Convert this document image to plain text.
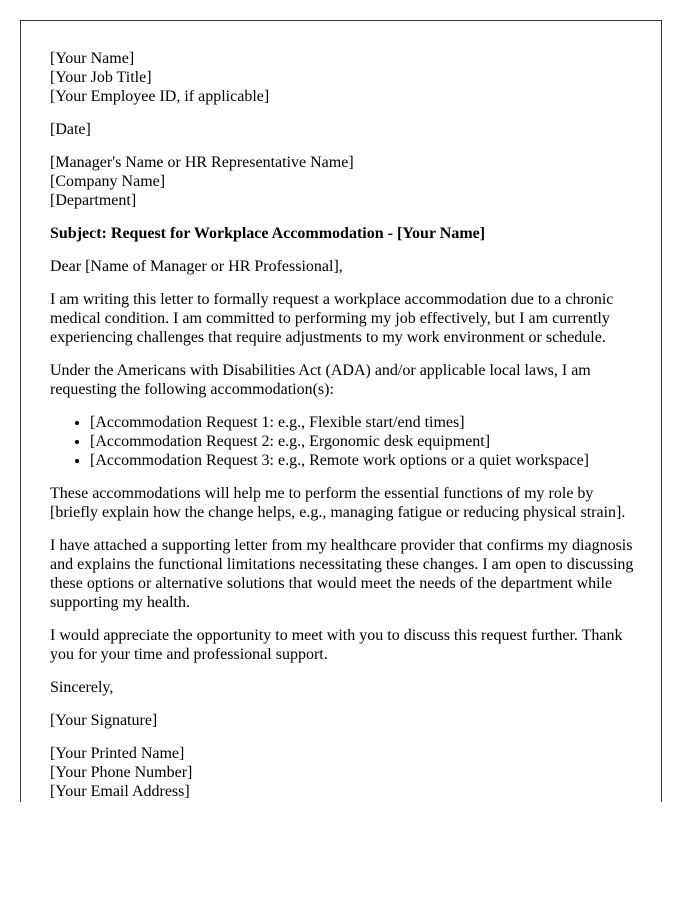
[Your Name]
[Your Job Title]
[Your Employee ID, if applicable]
[Date]
[Manager's Name or HR Representative Name]
[Company Name]
[Department]
Subject: Request for Workplace Accommodation - [Your Name]
Dear [Name of Manager or HR Professional],
I am writing this letter to formally request a workplace accommodation due to a chronic medical condition. I am committed to performing my job effectively, but I am currently experiencing challenges that require adjustments to my work environment or schedule.
Under the Americans with Disabilities Act (ADA) and/or applicable local laws, I am requesting the following accommodation(s):
• [Accommodation Request 1: e.g., Flexible start/end times]
• [Accommodation Request 2: e.g., Ergonomic desk equipment]
• [Accommodation Request 3: e.g., Remote work options or a quiet workspace]
These accommodations will help me to perform the essential functions of my role by [briefly explain how the change helps, e.g., managing fatigue or reducing physical strain].
I have attached a supporting letter from my healthcare provider that confirms my diagnosis and explains the functional limitations necessitating these changes. I am open to discussing these options or alternative solutions that would meet the needs of the department while supporting my health.
I would appreciate the opportunity to meet with you to discuss this request further. Thank you for your time and professional support.
Sincerely,
[Your Signature]
[Your Printed Name]
[Your Phone Number]
[Your Email Address]
